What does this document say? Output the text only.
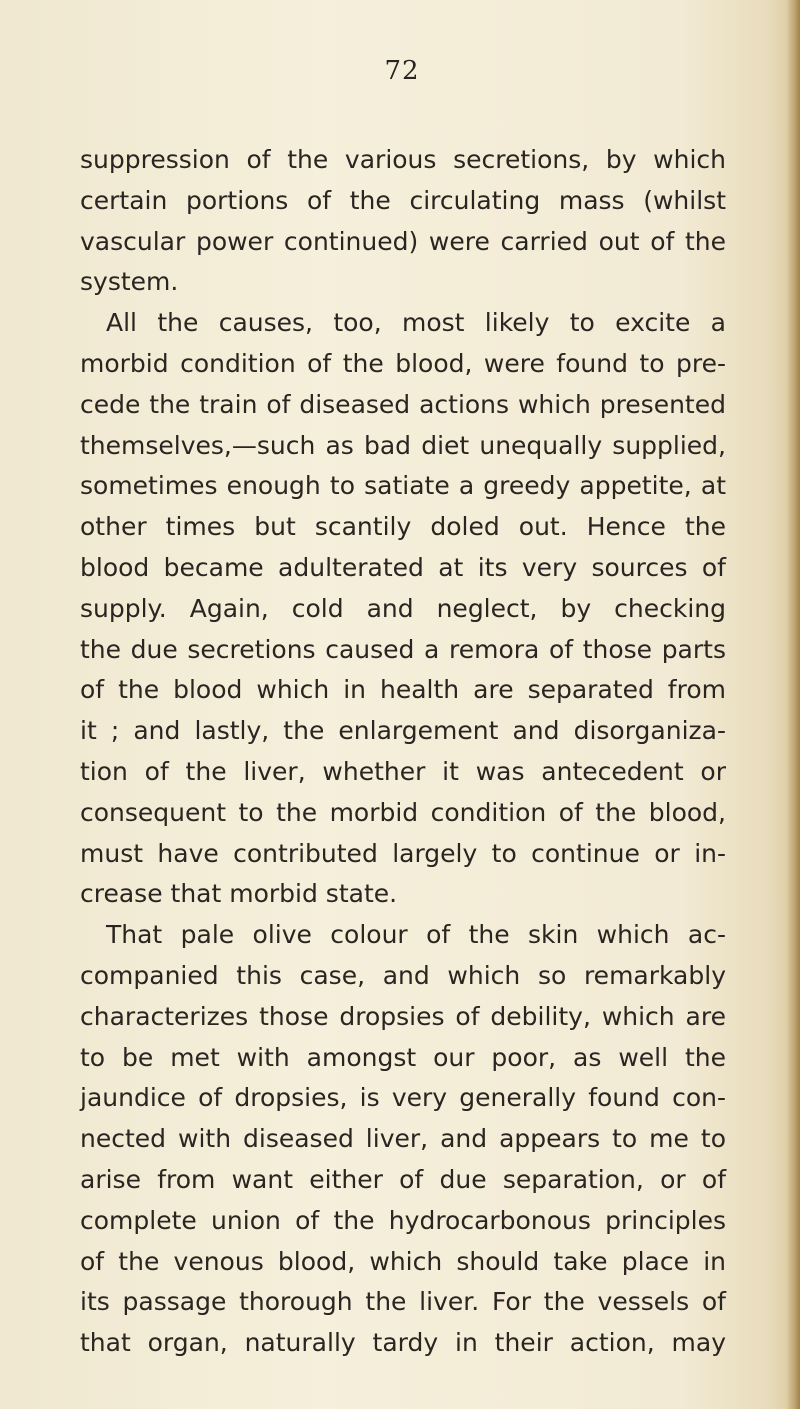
72
suppression of the various secretions, by which
certain portions of the circulating mass (whilst
vascular power continued) were carried out of the
system.
All the causes, too, most likely to excite a
morbid condition of the blood, were found to pre-
cede the train of diseased actions which presented
themselves,—such as bad diet unequally supplied,
sometimes enough to satiate a greedy appetite, at
other times but scantily doled out. Hence the
blood became adulterated at its very sources of
supply. Again, cold and neglect, by checking
the due secretions caused a remora of those parts
of the blood which in health are separated from
it ; and lastly, the enlargement and disorganiza-
tion of the liver, whether it was antecedent or
consequent to the morbid condition of the blood,
must have contributed largely to continue or in-
crease that morbid state.
That pale olive colour of the skin which ac-
companied this case, and which so remarkably
characterizes those dropsies of debility, which are
to be met with amongst our poor, as well the
jaundice of dropsies, is very generally found con-
nected with diseased liver, and appears to me to
arise from want either of due separation, or of
complete union of the hydrocarbonous principles
of the venous blood, which should take place in
its passage thorough the liver. For the vessels of
that organ, naturally tardy in their action, may
